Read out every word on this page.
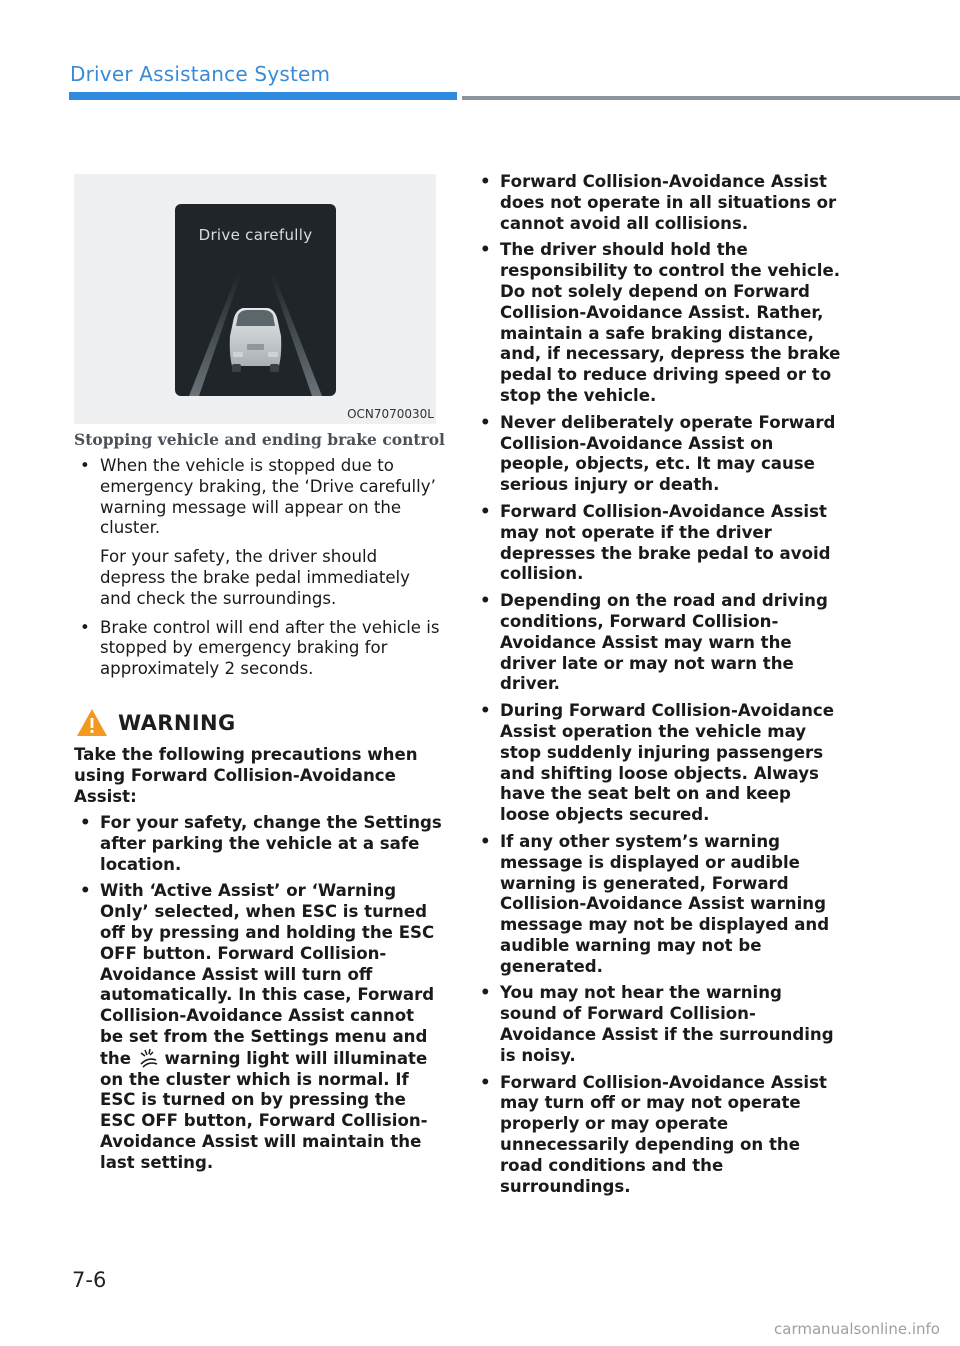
Driver Assistance System
Drive carefully
OCN7070030L
Stopping vehicle and ending brake control

• When the vehicle is stopped due to emergency braking, the ‘Drive carefully’ warning message will appear on the cluster.

For your safety, the driver should depress the brake pedal immediately and check the surroundings.

• Brake control will end after the vehicle is stopped by emergency braking for approximately 2 seconds.

WARNING
Take the following precautions when using Forward Collision-Avoidance Assist:
• For your safety, change the Settings after parking the vehicle at a safe location.
• With ‘Active Assist’ or ‘Warning Only’ selected, when ESC is turned off by pressing and holding the ESC OFF button. Forward Collision-Avoidance Assist will turn off automatically. In this case, Forward Collision-Avoidance Assist cannot be set from the Settings menu and the  warning light will illuminate on the cluster which is normal. If ESC is turned on by pressing the ESC OFF button, Forward Collision-Avoidance Assist will maintain the last setting.
• Forward Collision-Avoidance Assist does not operate in all situations or cannot avoid all collisions.
• The driver should hold the responsibility to control the vehicle. Do not solely depend on Forward Collision-Avoidance Assist. Rather, maintain a safe braking distance, and, if necessary, depress the brake pedal to reduce driving speed or to stop the vehicle.
• Never deliberately operate Forward Collision-Avoidance Assist on people, objects, etc. It may cause serious injury or death.
• Forward Collision-Avoidance Assist may not operate if the driver depresses the brake pedal to avoid collision.
• Depending on the road and driving conditions, Forward Collision-Avoidance Assist may warn the driver late or may not warn the driver.
• During Forward Collision-Avoidance Assist operation the vehicle may stop suddenly injuring passengers and shifting loose objects. Always have the seat belt on and keep loose objects secured.
• If any other system’s warning message is displayed or audible warning is generated, Forward Collision-Avoidance Assist warning message may not be displayed and audible warning may not be generated.
• You may not hear the warning sound of Forward Collision-Avoidance Assist if the surrounding is noisy.
• Forward Collision-Avoidance Assist may turn off or may not operate properly or may operate unnecessarily depending on the road conditions and the surroundings.
7-6
carmanualsonline.info
